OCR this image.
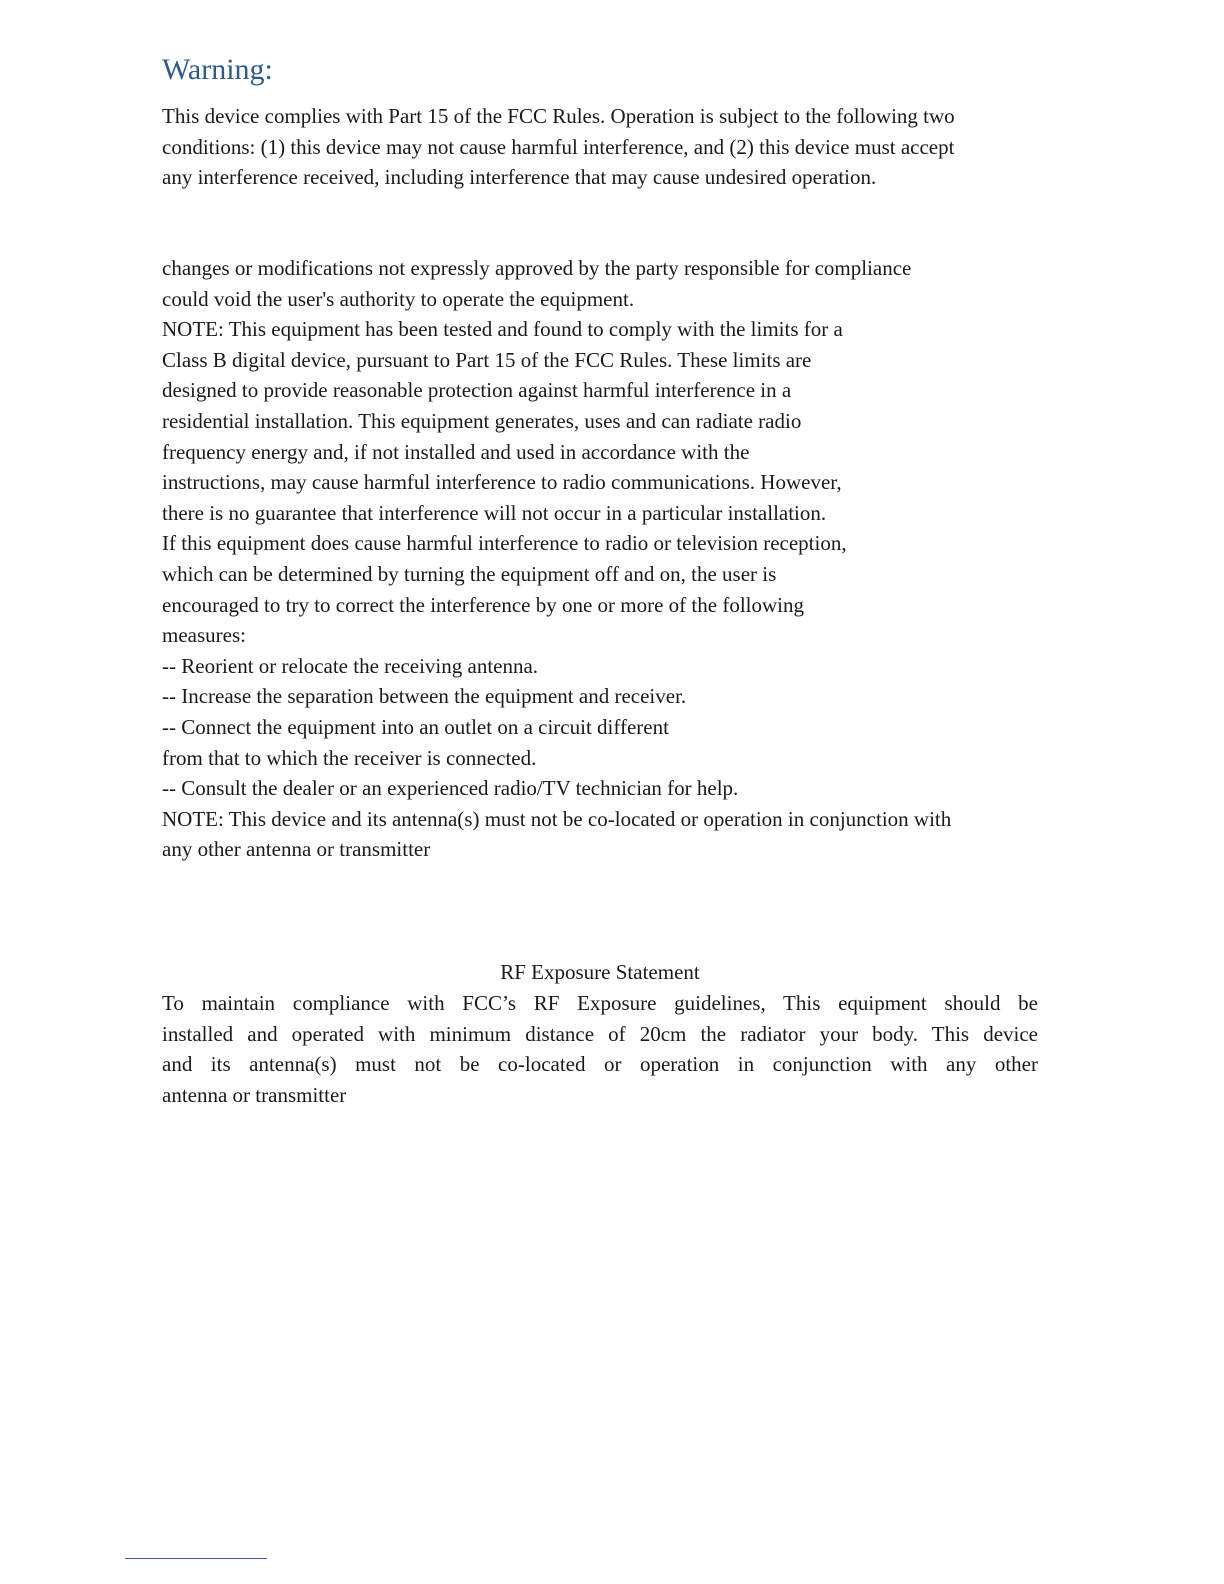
Warning:
This device complies with Part 15 of the FCC Rules. Operation is subject to the following two
conditions: (1) this device may not cause harmful interference, and (2) this device must accept
any interference received, including interference that may cause undesired operation.
changes or modifications not expressly approved by the party responsible for compliance
could void the user's authority to operate the equipment.
NOTE: This equipment has been tested and found to comply with the limits for a
Class B digital device, pursuant to Part 15 of the FCC Rules. These limits are
designed to provide reasonable protection against harmful interference in a
residential installation. This equipment generates, uses and can radiate radio
frequency energy and, if not installed and used in accordance with the
instructions, may cause harmful interference to radio communications. However,
there is no guarantee that interference will not occur in a particular installation.
If this equipment does cause harmful interference to radio or television reception,
which can be determined by turning the equipment off and on, the user is
encouraged to try to correct the interference by one or more of the following
measures:
-- Reorient or relocate the receiving antenna.
-- Increase the separation between the equipment and receiver.
-- Connect the equipment into an outlet on a circuit different
from that to which the receiver is connected.
-- Consult the dealer or an experienced radio/TV technician for help.
NOTE: This device and its antenna(s) must not be co-located or operation in conjunction with
any other antenna or transmitter
RF Exposure Statement
To maintain compliance with FCC’s RF Exposure guidelines, This equipment should be
installed and operated with minimum distance of 20cm the radiator your body. This device
and its antenna(s) must not be co-located or operation in conjunction with any other
antenna or transmitter
